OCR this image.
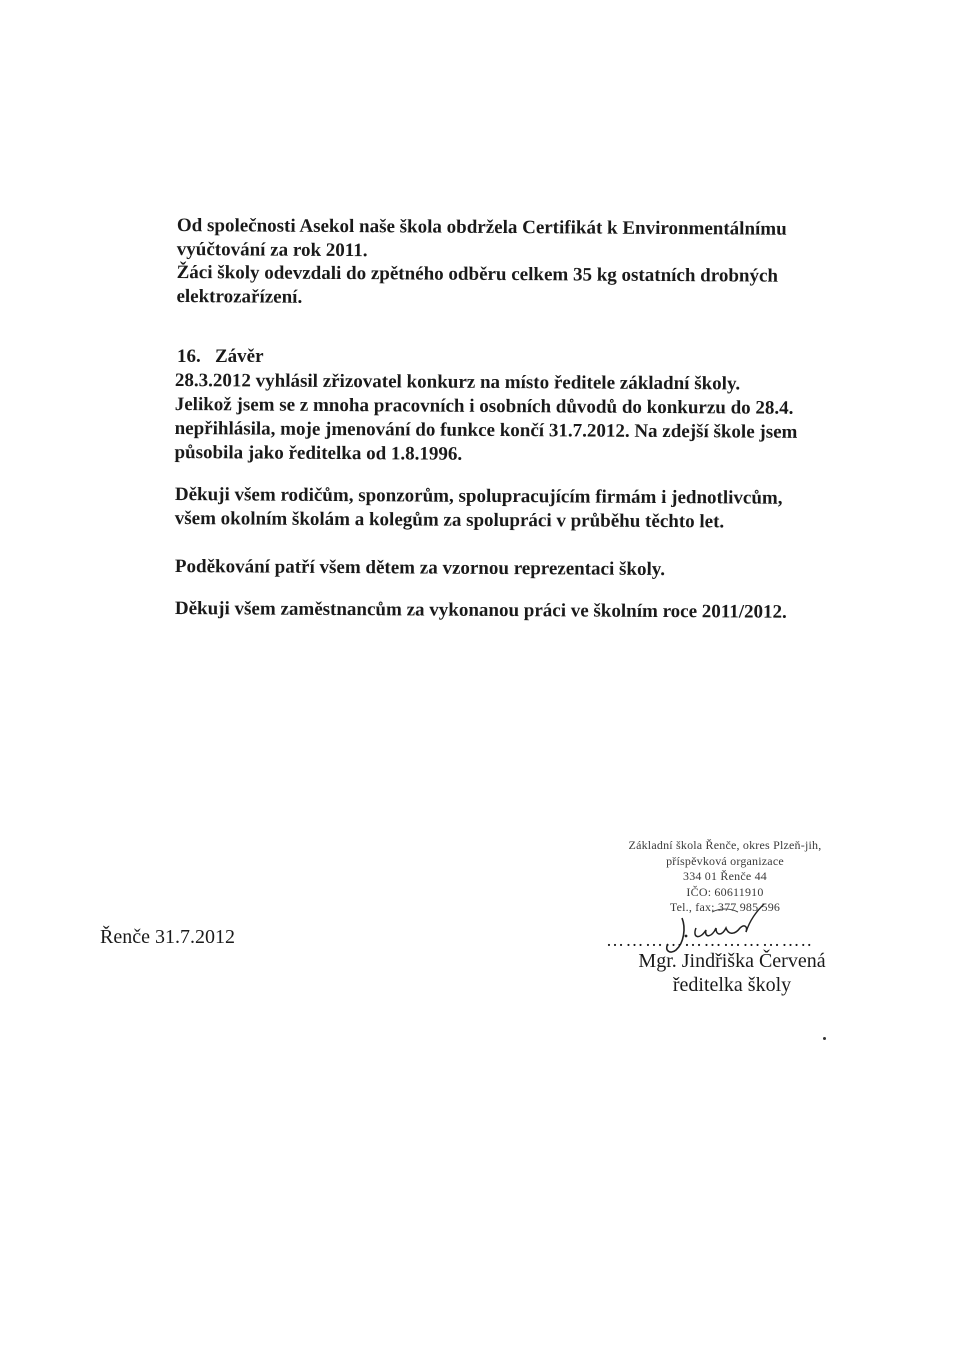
Od společnosti Asekol naše škola obdržela Certifikát k Environmentálnímu
vyúčtování za rok 2011.
Žáci školy odevzdali do zpětného odběru celkem 35 kg ostatních drobných
elektrozařízení.
16. Závěr
28.3.2012 vyhlásil zřizovatel konkurz na místo ředitele základní školy.
Jelikož jsem se z mnoha pracovních i osobních důvodů do konkurzu do 28.4.
nepřihlásila, moje jmenování do funkce končí 31.7.2012. Na zdejší škole jsem
působila jako ředitelka od 1.8.1996.
Děkuji všem rodičům, sponzorům, spolupracujícím firmám i jednotlivcům,
všem okolním školám a kolegům za spolupráci v průběhu těchto let.
Poděkování patří všem dětem za vzornou reprezentaci školy.
Děkuji všem zaměstnancům za vykonanou práci ve školním roce 2011/2012.
Řenče 31.7.2012
Základní škola Řenče, okres Plzeň-jih,
příspěvková organizace
334 01 Řenče 44
IČO: 60611910
Tel., fax: 377 985 596
…………………………..
Mgr. Jindřiška Červená
ředitelka školy
